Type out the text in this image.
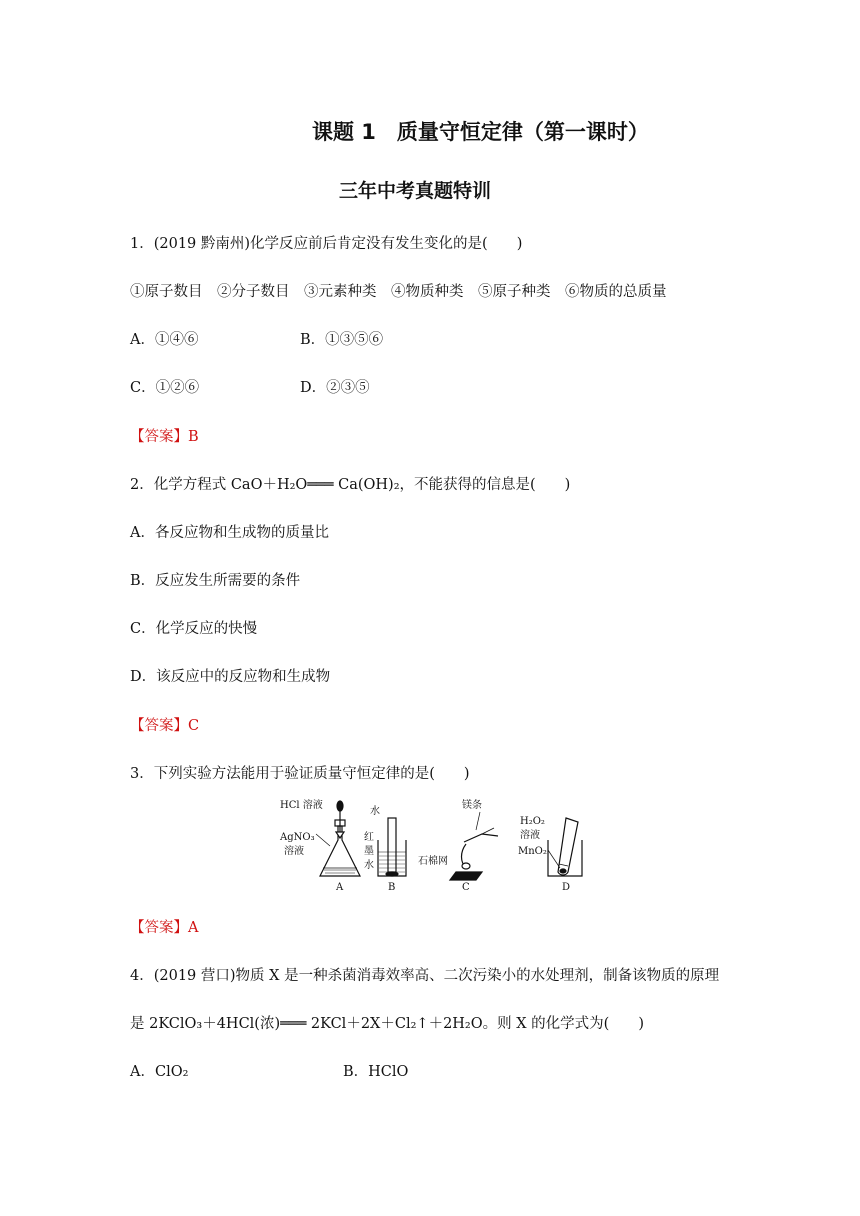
课题 1　质量守恒定律（第一课时）
三年中考真题特训
1．(2019 黔南州)化学反应前后肯定没有发生变化的是(　　)
①原子数目　②分子数目　③元素种类　④物质种类　⑤原子种类　⑥物质的总质量
A．①④⑥	B．①③⑤⑥
C．①②⑥	D．②③⑤
【答案】B
2．化学方程式 CaO＋H₂O═══ Ca(OH)₂，不能获得的信息是(　　)
A．各反应物和生成物的质量比
B．反应发生所需要的条件
C．化学反应的快慢
D．该反应中的反应物和生成物
【答案】C
3．下列实验方法能用于验证质量守恒定律的是(　　)
HCl 溶液
AgNO₃
溶液
水
红
墨
水
镁条
石棉网
H₂O₂
溶液
MnO₂
A	B	C	D
【答案】A
4．(2019 营口)物质 X 是一种杀菌消毒效率高、二次污染小的水处理剂，制备该物质的原理
是 2KClO₃＋4HCl(浓)═══ 2KCl＋2X＋Cl₂↑＋2H₂O。则 X 的化学式为(　　)
A．ClO₂	B．HClO
